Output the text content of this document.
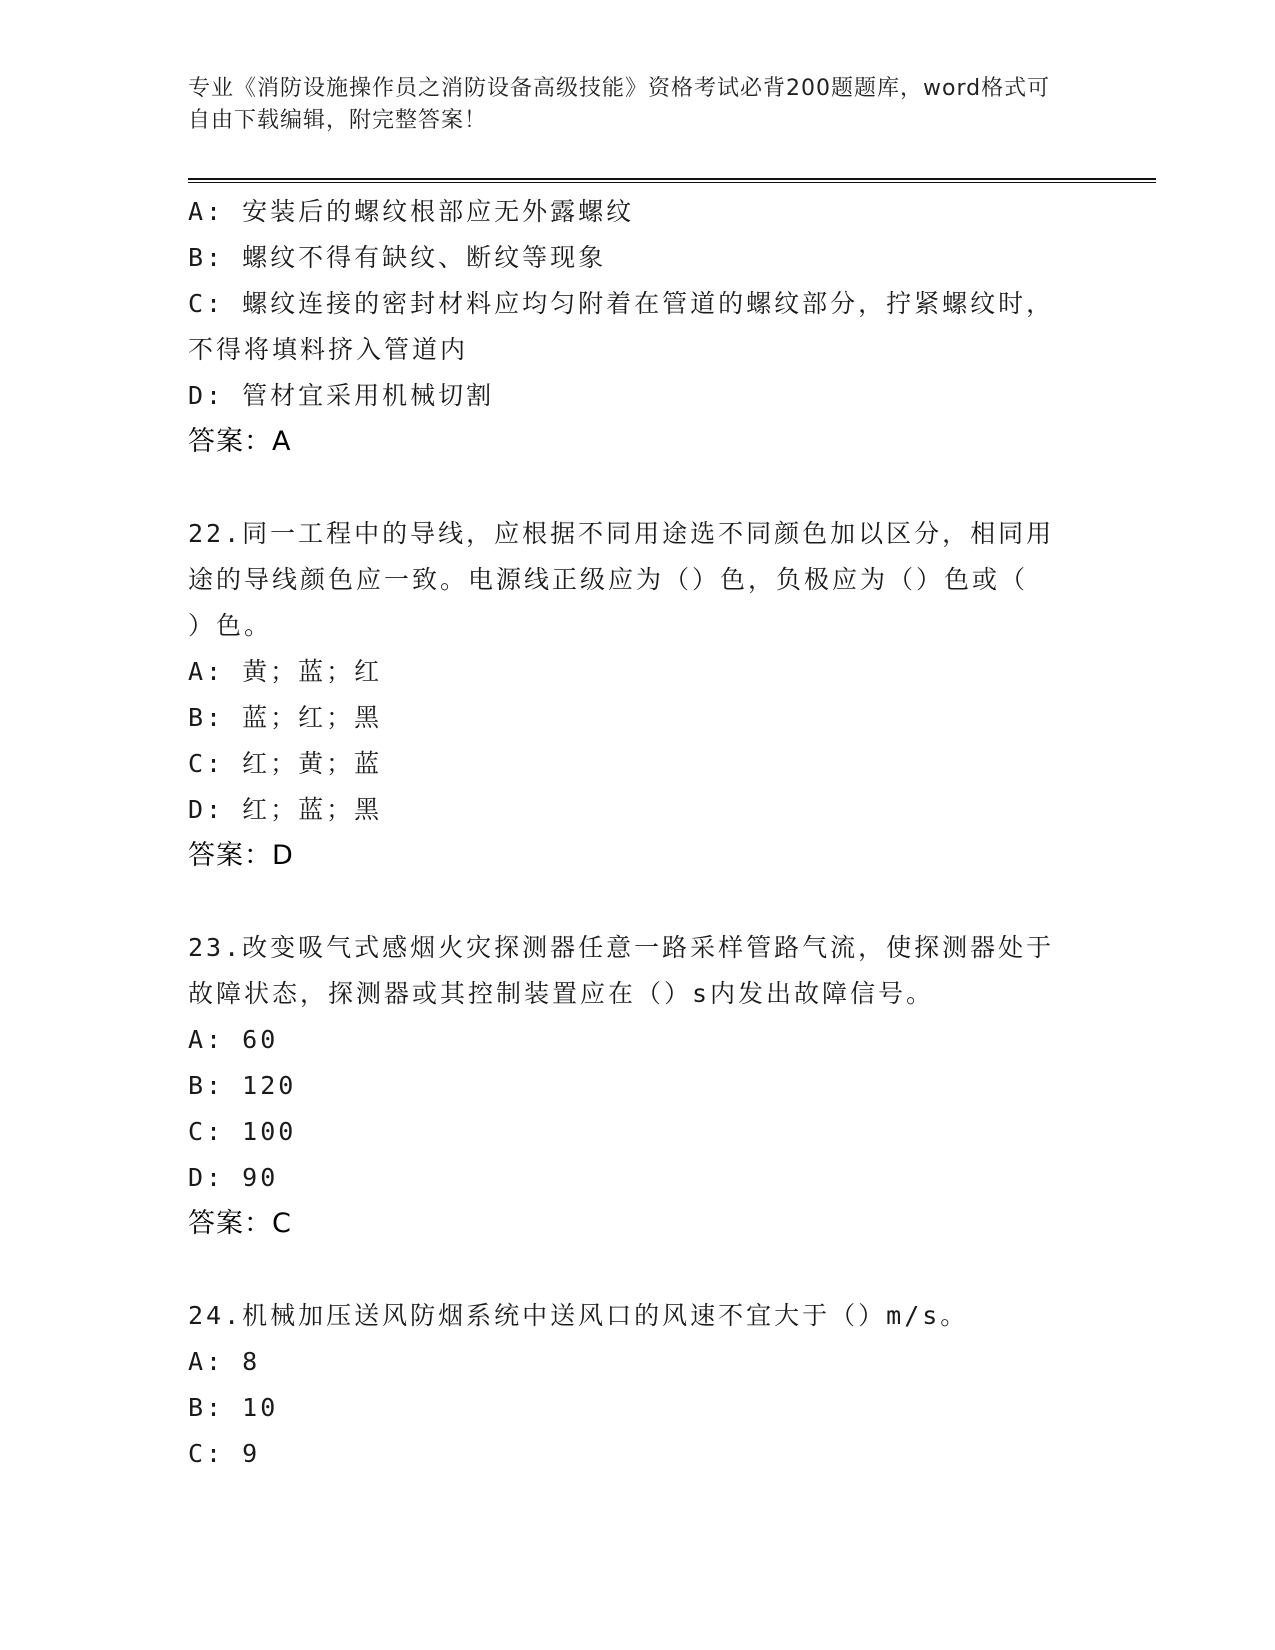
专业《消防设施操作员之消防设备高级技能》资格考试必背200题题库，word格式可自由下载编辑，附完整答案！
A: 安装后的螺纹根部应无外露螺纹
B: 螺纹不得有缺纹、断纹等现象
C: 螺纹连接的密封材料应均匀附着在管道的螺纹部分，拧紧螺纹时，
不得将填料挤入管道内
D: 管材宜采用机械切割
答案：A
22.同一工程中的导线，应根据不同用途选不同颜色加以区分，相同用
途的导线颜色应一致。电源线正级应为（）色，负极应为（）色或（
）色。
A: 黄；蓝；红
B: 蓝；红；黑
C: 红；黄；蓝
D: 红；蓝；黑
答案：D
23.改变吸气式感烟火灾探测器任意一路采样管路气流，使探测器处于
故障状态，探测器或其控制装置应在（）s内发出故障信号。
A: 60
B: 120
C: 100
D: 90
答案：C
24.机械加压送风防烟系统中送风口的风速不宜大于（）m/s。
A: 8
B: 10
C: 9
